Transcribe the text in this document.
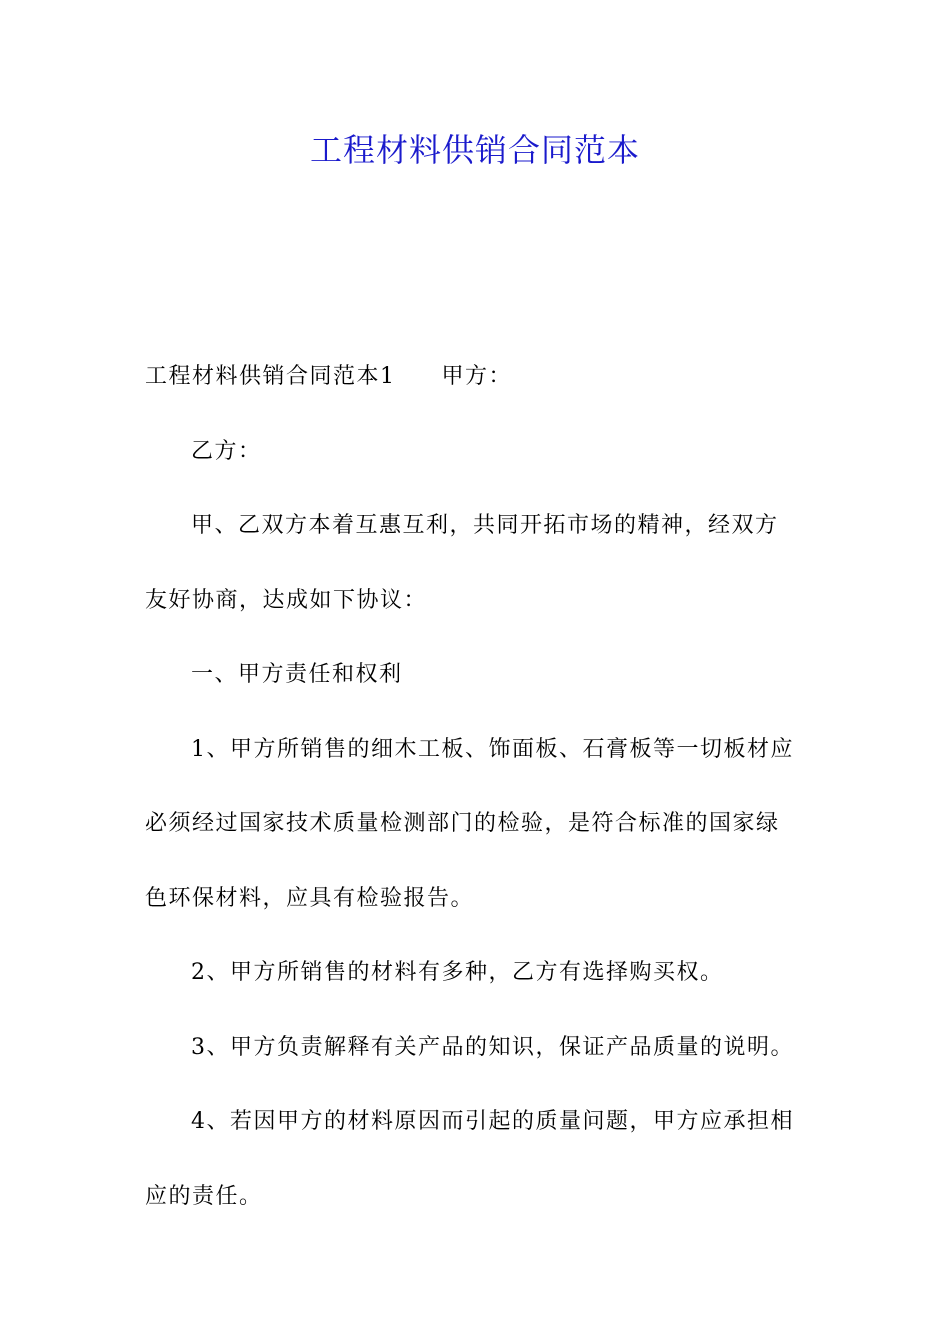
工程材料供销合同范本

工程材料供销合同范本1 甲方：

乙方：

甲、乙双方本着互惠互利，共同开拓市场的精神，经双方

友好协商，达成如下协议：

一、甲方责任和权利

1、甲方所销售的细木工板、饰面板、石膏板等一切板材应

必须经过国家技术质量检测部门的检验，是符合标准的国家绿

色环保材料，应具有检验报告。

2、甲方所销售的材料有多种，乙方有选择购买权。

3、甲方负责解释有关产品的知识，保证产品质量的说明。

4、若因甲方的材料原因而引起的质量问题，甲方应承担相

应的责任。
